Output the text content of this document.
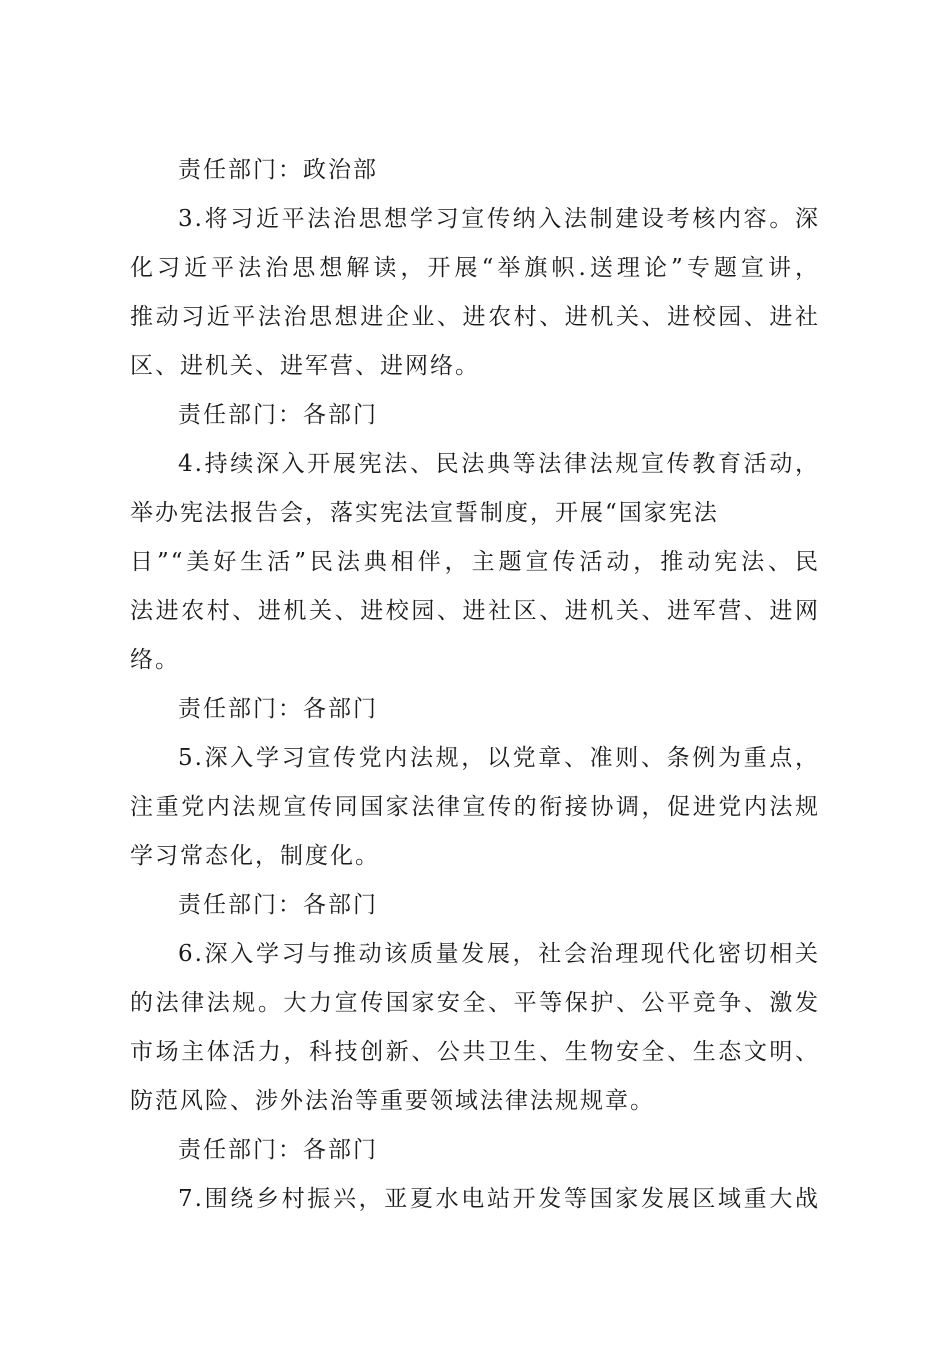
责任部门：政治部
3.将习近平法治思想学习宣传纳入法制建设考核内容。深
化习近平法治思想解读，开展“举旗帜.送理论”专题宣讲，
推动习近平法治思想进企业、进农村、进机关、进校园、进社
区、进机关、进军营、进网络。
责任部门：各部门
4.持续深入开展宪法、民法典等法律法规宣传教育活动，
举办宪法报告会，落实宪法宣誓制度，开展“国家宪法
日”“美好生活”民法典相伴，主题宣传活动，推动宪法、民
法进农村、进机关、进校园、进社区、进机关、进军营、进网
络。
责任部门：各部门
5.深入学习宣传党内法规，以党章、准则、条例为重点，
注重党内法规宣传同国家法律宣传的衔接协调，促进党内法规
学习常态化，制度化。
责任部门：各部门
6.深入学习与推动该质量发展，社会治理现代化密切相关
的法律法规。大力宣传国家安全、平等保护、公平竞争、激发
市场主体活力，科技创新、公共卫生、生物安全、生态文明、
防范风险、涉外法治等重要领域法律法规规章。
责任部门：各部门
7.围绕乡村振兴，亚夏水电站开发等国家发展区域重大战
